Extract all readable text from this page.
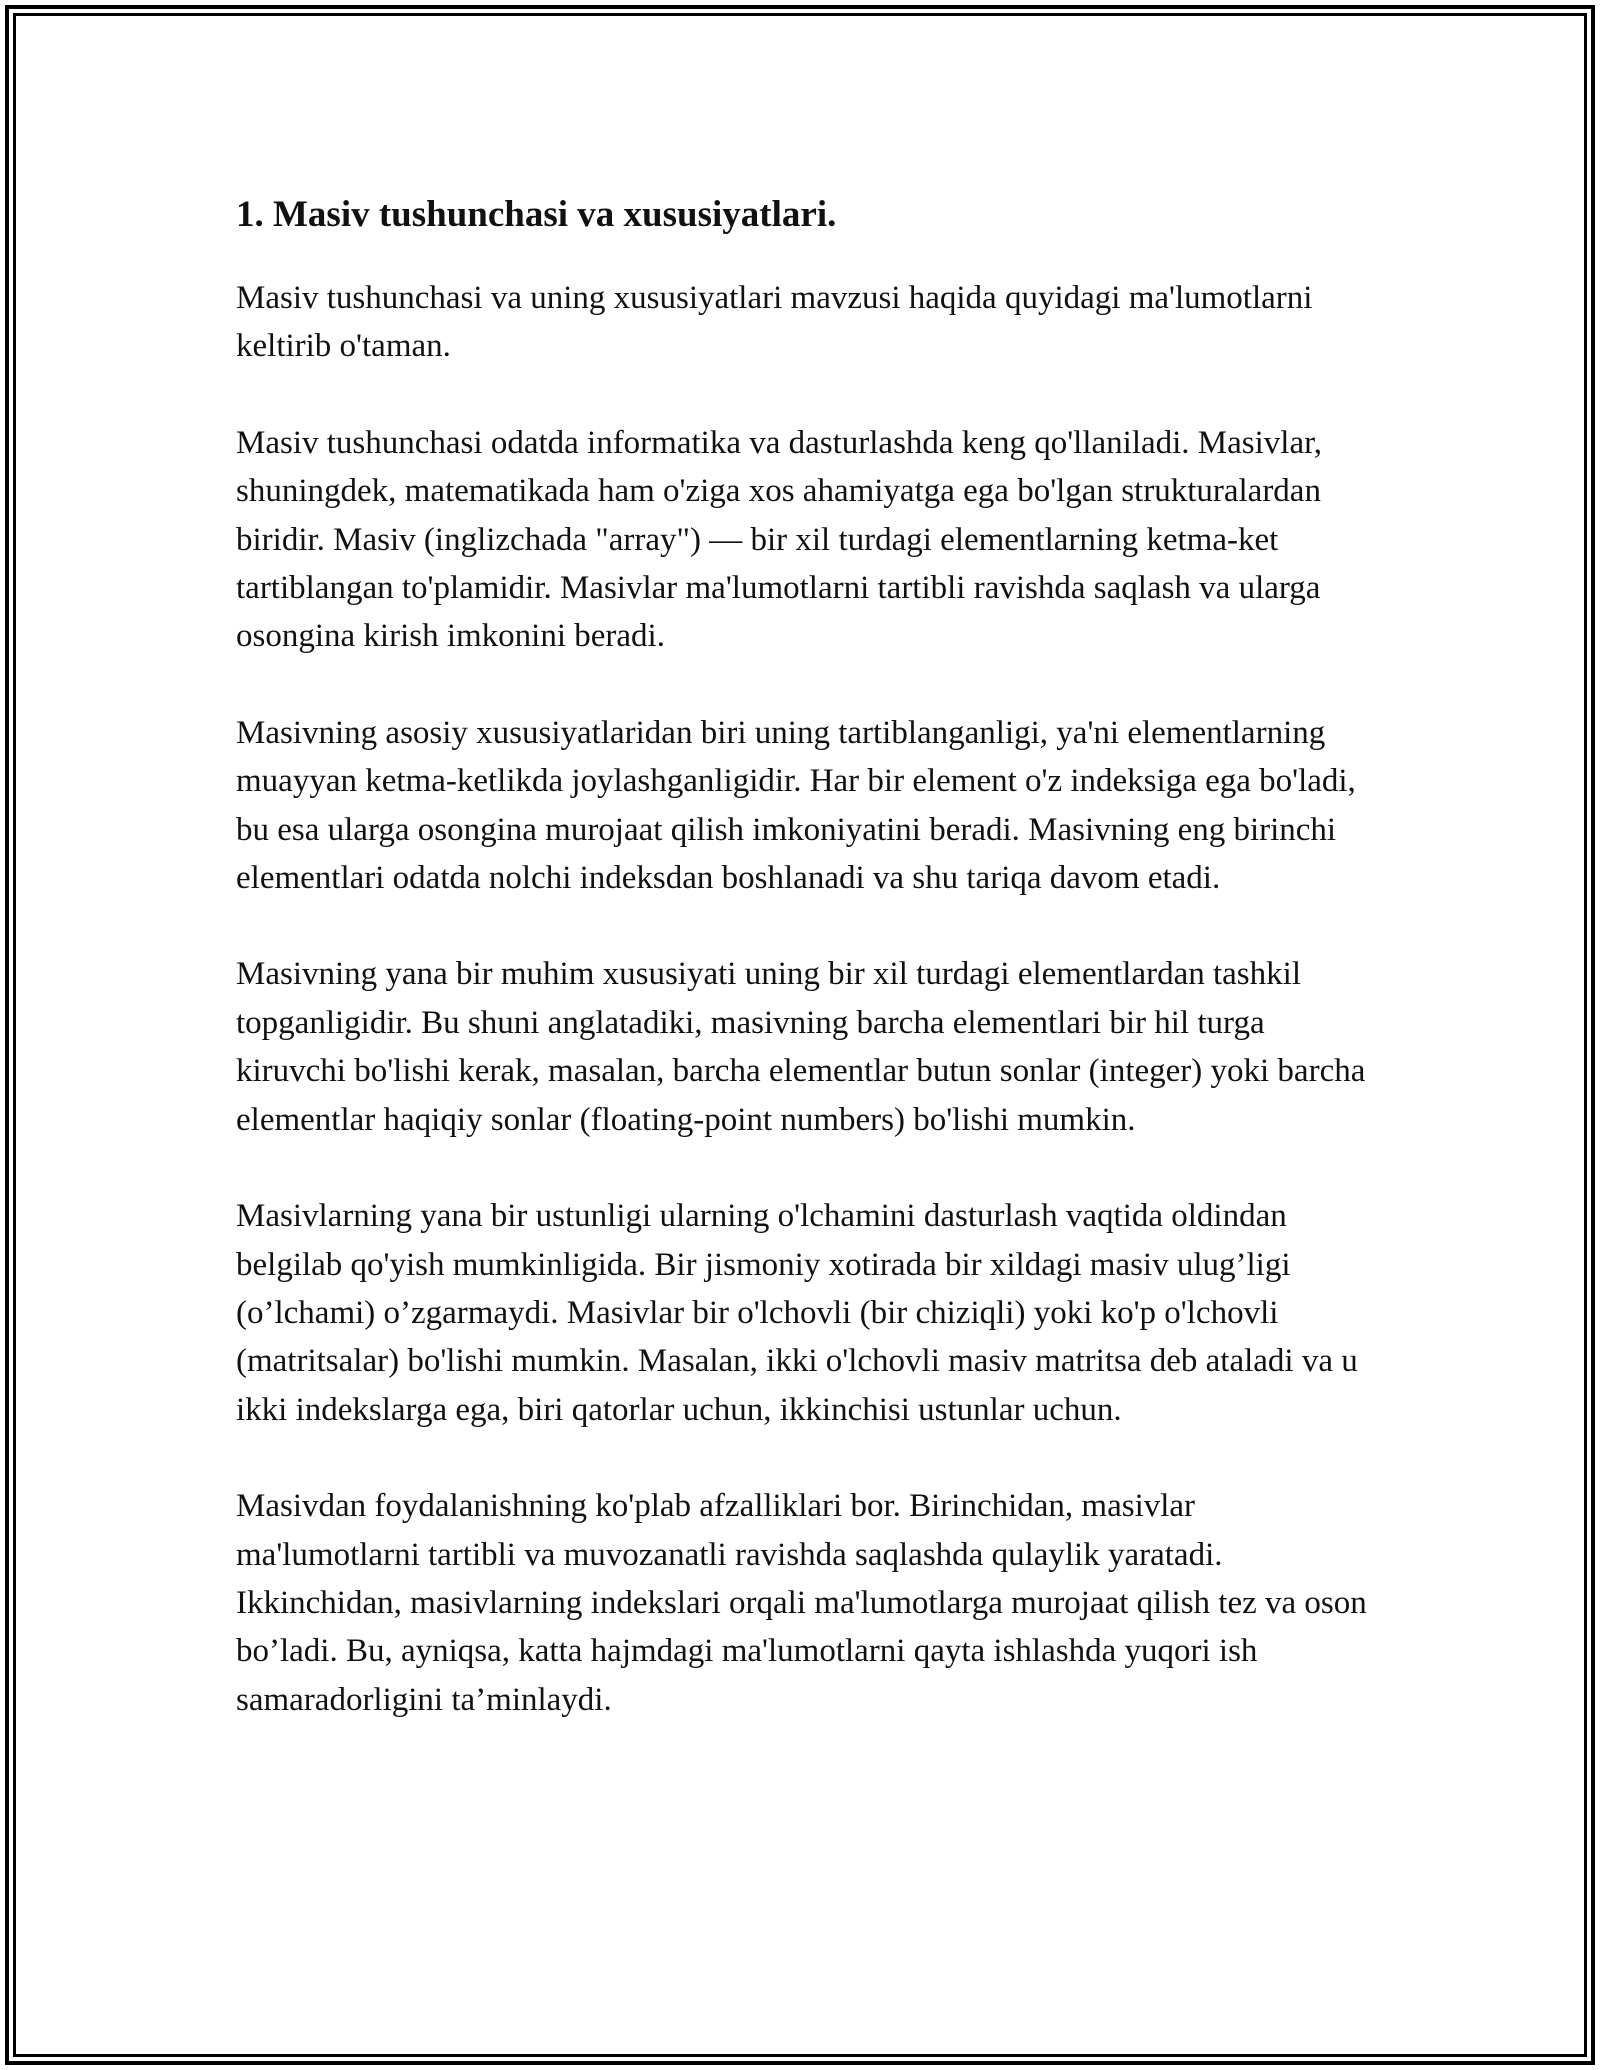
1. Masiv tushunchasi va xususiyatlari.

Masiv tushunchasi va uning xususiyatlari mavzusi haqida quyidagi ma'lumotlarni keltirib o'taman.

Masiv tushunchasi odatda informatika va dasturlashda keng qo'llaniladi. Masivlar, shuningdek, matematikada ham o'ziga xos ahamiyatga ega bo'lgan strukturalardan biridir. Masiv (inglizchada "array") — bir xil turdagi elementlarning ketma-ket tartiblangan to'plamidir. Masivlar ma'lumotlarni tartibli ravishda saqlash va ularga osongina kirish imkonini beradi.

Masivning asosiy xususiyatlaridan biri uning tartiblanganligi, ya'ni elementlarning muayyan ketma-ketlikda joylashganligidir. Har bir element o'z indeksiga ega bo'ladi, bu esa ularga osongina murojaat qilish imkoniyatini beradi. Masivning eng birinchi elementlari odatda nolchi indeksdan boshlanadi va shu tariqa davom etadi.

Masivning yana bir muhim xususiyati uning bir xil turdagi elementlardan tashkil topganligidir. Bu shuni anglatadiki, masivning barcha elementlari bir hil turga kiruvchi bo'lishi kerak, masalan, barcha elementlar butun sonlar (integer) yoki barcha elementlar haqiqiy sonlar (floating-point numbers) bo'lishi mumkin.

Masivlarning yana bir ustunligi ularning o'lchamini dasturlash vaqtida oldindan belgilab qo'yish mumkinligida. Bir jismoniy xotirada bir xildagi masiv ulug’ligi (o’lchami) o’zgarmaydi. Masivlar bir o'lchovli (bir chiziqli) yoki ko'p o'lchovli (matritsalar) bo'lishi mumkin. Masalan, ikki o'lchovli masiv matritsa deb ataladi va u ikki indekslarga ega, biri qatorlar uchun, ikkinchisi ustunlar uchun.

Masivdan foydalanishning ko'plab afzalliklari bor. Birinchidan, masivlar ma'lumotlarni tartibli va muvozanatli ravishda saqlashda qulaylik yaratadi. Ikkinchidan, masivlarning indekslari orqali ma'lumotlarga murojaat qilish tez va oson bo’ladi. Bu, ayniqsa, katta hajmdagi ma'lumotlarni qayta ishlashda yuqori ish samaradorligini ta’minlaydi.
